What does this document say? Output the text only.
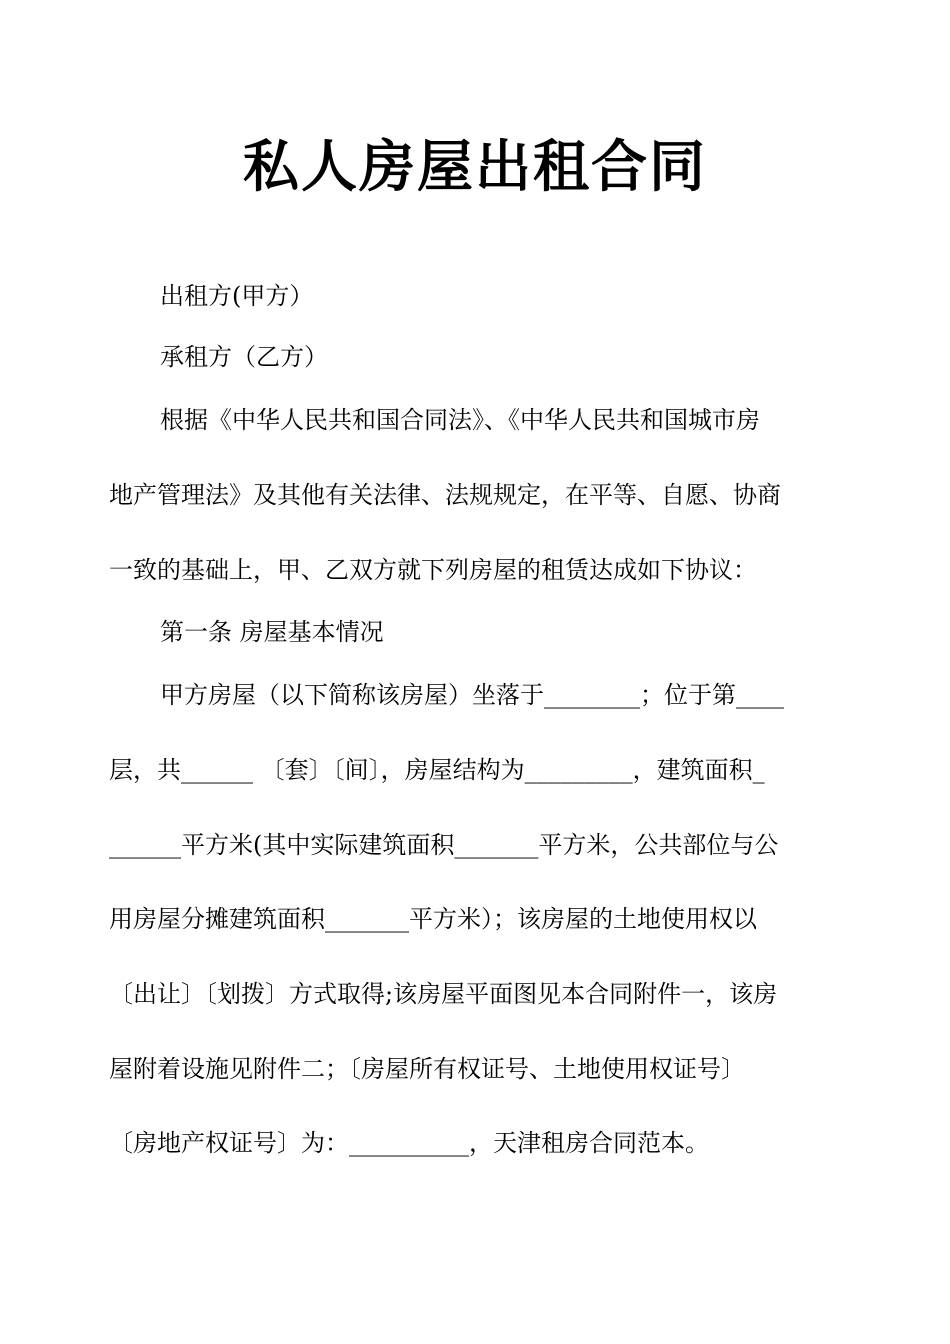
私人房屋出租合同
出租方(甲方）
承租方（乙方）
根据《中华人民共和国合同法》、《中华人民共和国城市房
地产管理法》及其他有关法律、法规规定，在平等、自愿、协商
一致的基础上，甲、乙双方就下列房屋的租赁达成如下协议：
第一条 房屋基本情况
甲方房屋（以下简称该房屋）坐落于________；位于第____
层，共______ 〔套〕〔间〕，房屋结构为_________，建筑面积_
______平方米(其中实际建筑面积_______平方米，公共部位与公
用房屋分摊建筑面积_______平方米）；该房屋的土地使用权以
〔出让〕〔划拨〕方式取得;该房屋平面图见本合同附件一，该房
屋附着设施见附件二；〔房屋所有权证号、土地使用权证号〕
〔房地产权证号〕为：__________，天津租房合同范本。
